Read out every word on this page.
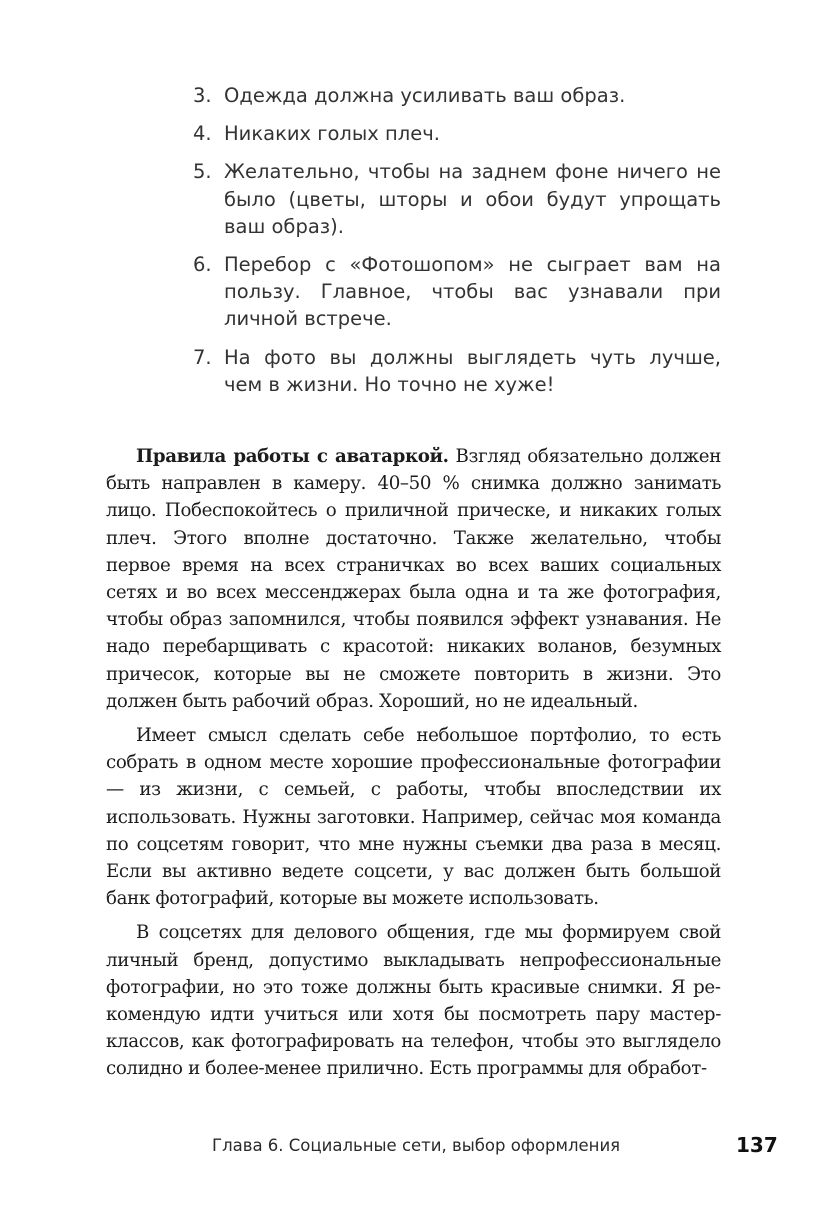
3. Одежда должна усиливать ваш образ.
4. Никаких голых плеч.
5. Желательно, чтобы на заднем фоне ничего не было (цветы, шторы и обои будут упрощать ваш образ).
6. Перебор с «Фотошопом» не сыграет вам на пользу. Главное, чтобы вас узнавали при личной встрече.
7. На фото вы должны выглядеть чуть лучше, чем в жизни. Но точно не хуже!

Правила работы с аватаркой. Взгляд обязательно должен быть направлен в камеру. 40–50 % снимка должно занимать лицо. Побеспокойтесь о приличной прическе, и никаких голых плеч. Этого вполне достаточно. Также желательно, чтобы первое время на всех страничках во всех ваших социальных сетях и во всех мессенджерах была одна и та же фотография, чтобы образ запомнился, чтобы появился эффект узнавания. Не надо перебарщивать с красотой: никаких воланов, безумных причесок, которые вы не сможете повторить в жизни. Это должен быть рабочий образ. Хороший, но не идеальный.

Имеет смысл сделать себе небольшое портфолио, то есть собрать в одном месте хорошие профессиональные фотографии — из жизни, с семьей, с работы, чтобы впоследствии их использовать. Нужны заготовки. Например, сейчас моя команда по соцсетям говорит, что мне нужны съемки два раза в месяц. Если вы активно ведете соцсети, у вас должен быть большой банк фотографий, которые вы можете использовать.

В соцсетях для делового общения, где мы формируем свой личный бренд, допустимо выкладывать непрофессиональные фотографии, но это тоже должны быть красивые снимки. Я рекомендую идти учиться или хотя бы посмотреть пару мастер-классов, как фотографировать на телефон, чтобы это выглядело солидно и более-менее прилично. Есть программы для обработ-

Глава 6. Социальные сети, выбор оформления	137
